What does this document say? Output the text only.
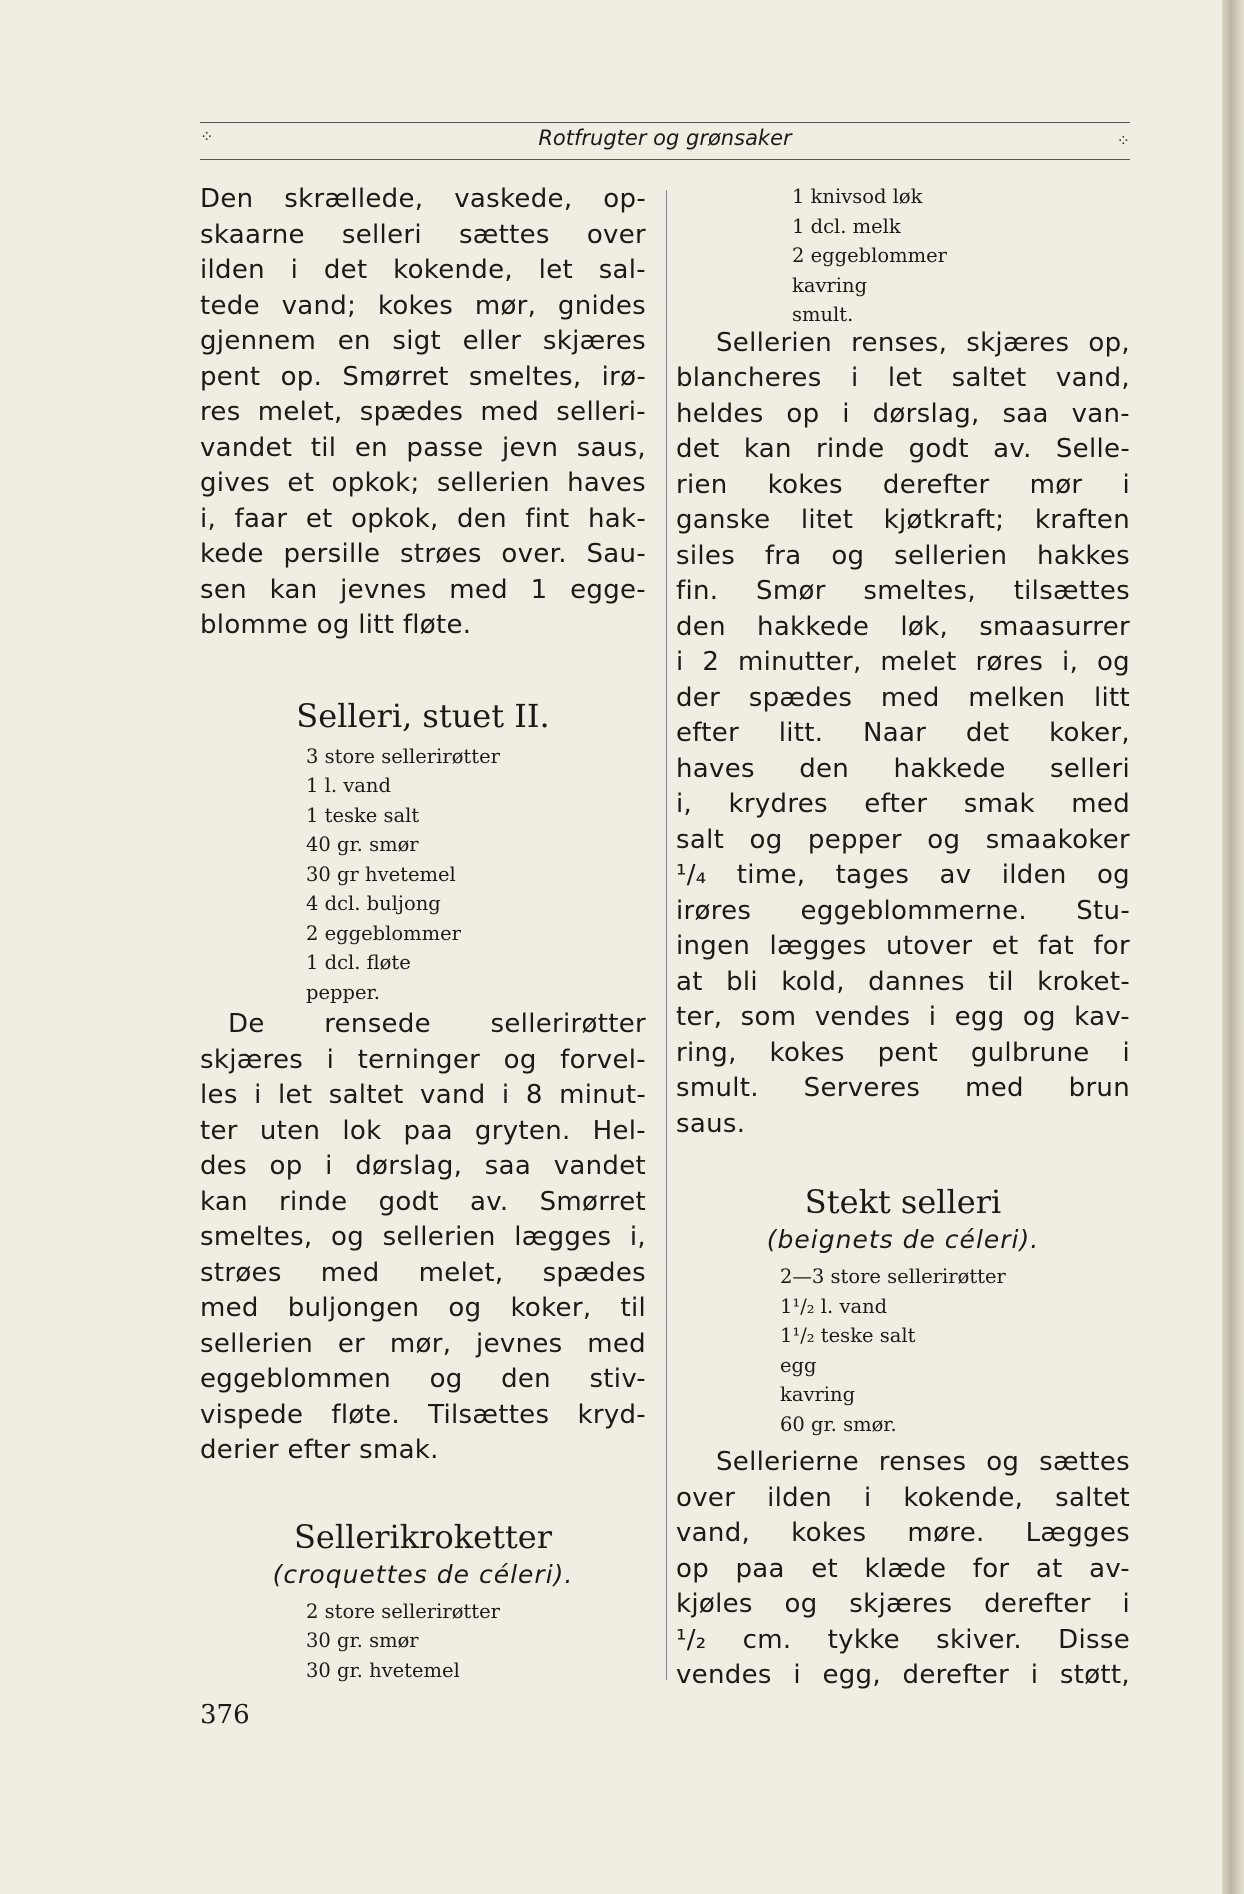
⁘	Rotfrugter og grønsaker	⁘
Den skrællede, vaskede, op-
skaarne selleri sættes over
ilden i det kokende, let sal-
tede vand; kokes mør, gnides
gjennem en sigt eller skjæres
pent op. Smørret smeltes, irø-
res melet, spædes med selleri-
vandet til en passe jevn saus,
gives et opkok; sellerien haves
i, faar et opkok, den fint hak-
kede persille strøes over. Sau-
sen kan jevnes med 1 egge-
blomme og litt fløte.
Selleri, stuet II.
3 store sellerirøtter
1 l. vand
1 teske salt
40 gr. smør
30 gr hvetemel
4 dcl. buljong
2 eggeblommer
1 dcl. fløte
pepper.
De rensede sellerirøtter
skjæres i terninger og forvel-
les i let saltet vand i 8 minut-
ter uten lok paa gryten. Hel-
des op i dørslag, saa vandet
kan rinde godt av. Smørret
smeltes, og sellerien lægges i,
strøes med melet, spædes
med buljongen og koker, til
sellerien er mør, jevnes med
eggeblommen og den stiv-
vispede fløte. Tilsættes kryd-
derier efter smak.
Sellerikroketter
(croquettes de céleri).
2 store sellerirøtter
30 gr. smør
30 gr. hvetemel
1 knivsod løk
1 dcl. melk
2 eggeblommer
kavring
smult.
Sellerien renses, skjæres op,
blancheres i let saltet vand,
heldes op i dørslag, saa van-
det kan rinde godt av. Selle-
rien kokes derefter mør i
ganske litet kjøtkraft; kraften
siles fra og sellerien hakkes
fin. Smør smeltes, tilsættes
den hakkede løk, smaasurrer
i 2 minutter, melet røres i, og
der spædes med melken litt
efter litt. Naar det koker,
haves den hakkede selleri
i, krydres efter smak med
salt og pepper og smaakoker
¹/₄ time, tages av ilden og
irøres eggeblommerne. Stu-
ingen lægges utover et fat for
at bli kold, dannes til kroket-
ter, som vendes i egg og kav-
ring, kokes pent gulbrune i
smult. Serveres med brun
saus.
Stekt selleri
(beignets de céleri).
2—3 store sellerirøtter
1¹/₂ l. vand
1¹/₂ teske salt
egg
kavring
60 gr. smør.
Sellerierne renses og sættes
over ilden i kokende, saltet
vand, kokes møre. Lægges
op paa et klæde for at av-
kjøles og skjæres derefter i
¹/₂ cm. tykke skiver. Disse
vendes i egg, derefter i støtt,
376
